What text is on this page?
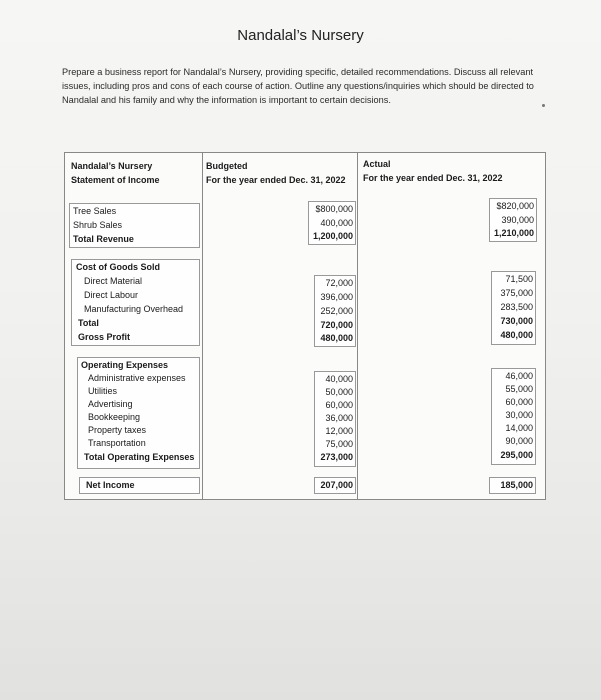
Nandalal’s Nursery
Prepare a business report for Nandalal’s Nursery, providing specific, detailed recommendations. Discuss all relevant issues, including pros and cons of each course of action. Outline any questions/inquiries which should be directed to Nandalal and his family and why the information is important to certain decisions.
Nandalal’s Nursery
Statement of Income
Tree Sales
Shrub Sales
Total Revenue
Cost of Goods Sold
Direct Material
Direct Labour
Manufacturing Overhead
Total
Gross Profit
Operating Expenses
Administrative expenses
Utilities
Advertising
Bookkeeping
Property taxes
Transportation
Total Operating Expenses
Net Income
Budgeted
For the year ended Dec. 31, 2022
$800,000
400,000
1,200,000
72,000
396,000
252,000
720,000
480,000
40,000
50,000
60,000
36,000
12,000
75,000
273,000
207,000
Actual
For the year ended Dec. 31, 2022
$820,000
390,000
1,210,000
71,500
375,000
283,500
730,000
480,000
46,000
55,000
60,000
30,000
14,000
90,000
295,000
185,000
